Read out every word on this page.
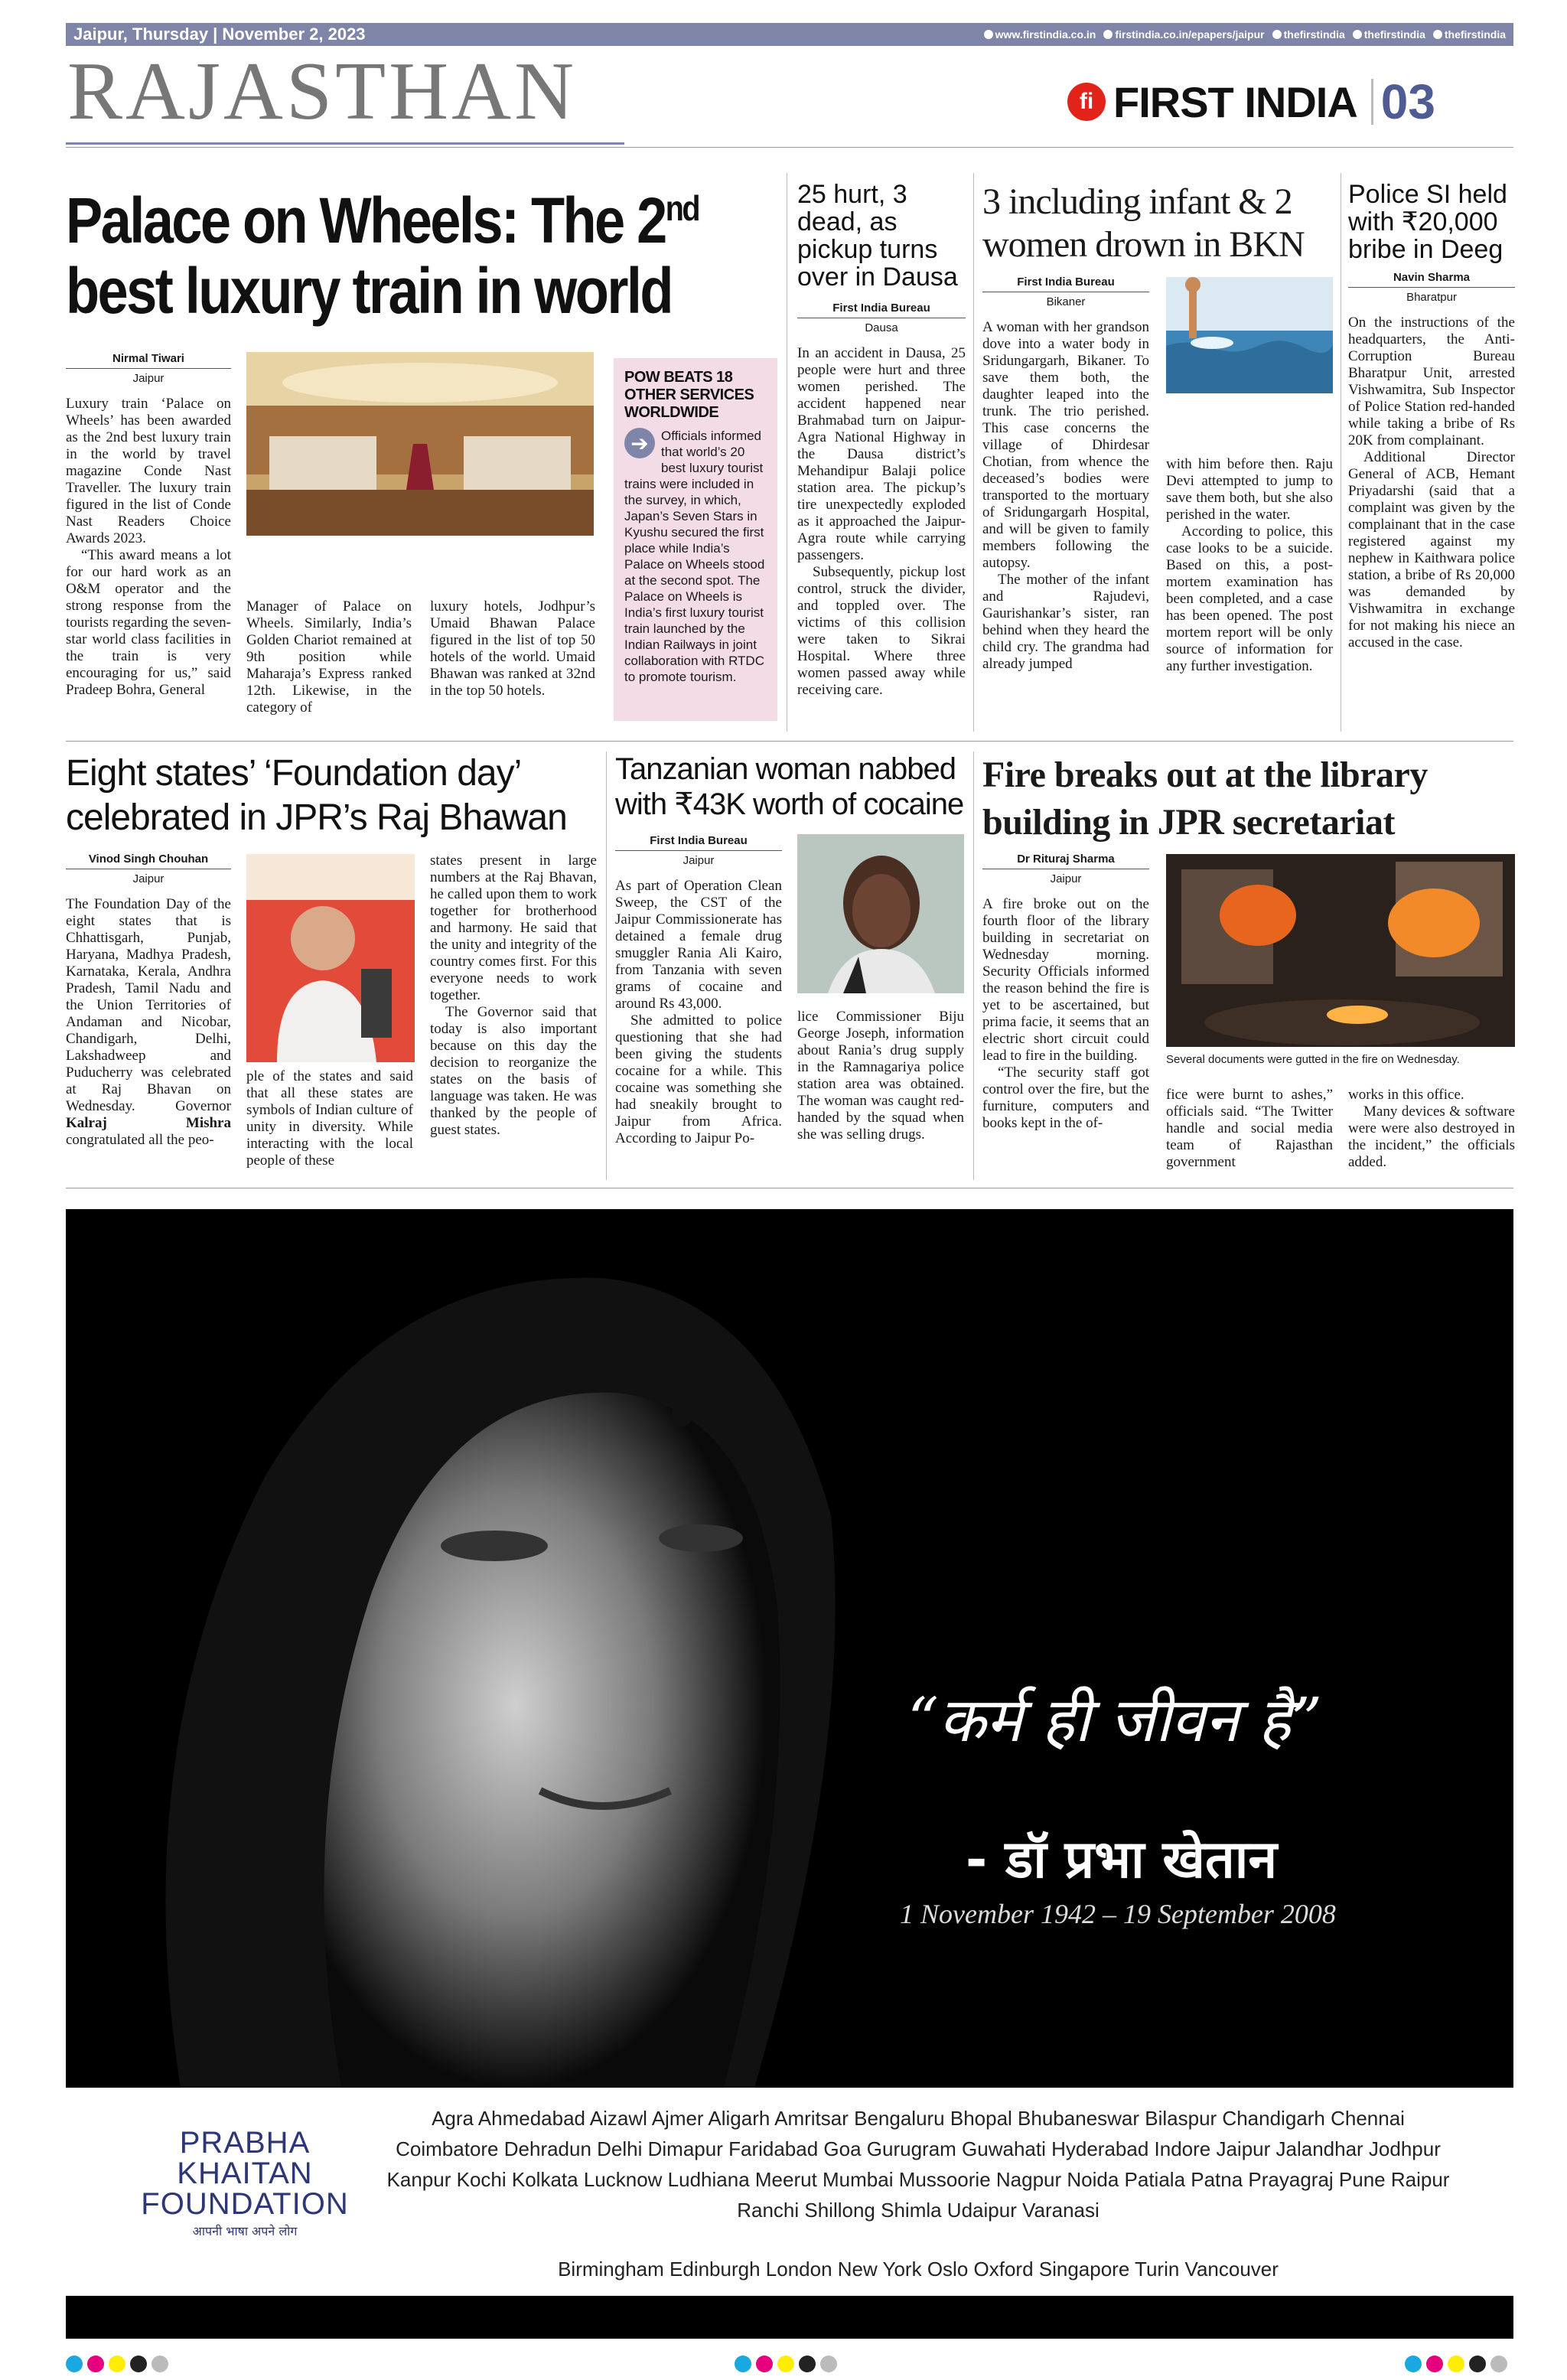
Jaipur, Thursday | November 2, 2023	www.firstindia.co.in firstindia.co.in/epapers/jaipur thefirstindia thefirstindia thefirstindia
RAJASTHAN	fi FIRST INDIA 03
Palace on Wheels: The 2nd
best luxury train in world
Nirmal Tiwari
Jaipur

Luxury train ‘Palace on Wheels’ has been awarded as the 2nd best luxury train in the world by travel magazine Conde Nast Traveller. The luxury train figured in the list of Conde Nast Readers Choice Awards 2023.

“This award means a lot for our hard work as an O&M operator and the strong response from the tourists regarding the seven-star world class facilities in the train is very encouraging for us,” said Pradeep Bohra, General

Manager of Palace on Wheels. Similarly, India’s Golden Chariot remained at 9th position while Maharaja’s Express ranked 12th. Likewise, in the category of

luxury hotels, Jodhpur’s Umaid Bhawan Palace figured in the list of top 50 hotels of the world. Umaid Bhawan was ranked at 32nd in the top 50 hotels.

POW BEATS 18 OTHER SERVICES WORLDWIDE
➔ Officials informed that world’s 20 best luxury tourist trains were included in the survey, in which, Japan’s Seven Stars in Kyushu secured the first place while India’s Palace on Wheels stood at the second spot. The Palace on Wheels is India’s first luxury tourist train launched by the Indian Railways in joint collaboration with RTDC to promote tourism.
25 hurt, 3 dead, as pickup turns over in Dausa
First India Bureau
Dausa

In an accident in Dausa, 25 people were hurt and three women perished. The accident happened near Brahmabad turn on Jaipur-Agra National Highway in the Dausa district’s Mehandipur Balaji police station area. The pickup’s tire unexpectedly exploded as it approached the Jaipur-Agra route while carrying passengers.

Subsequently, pickup lost control, struck the divider, and toppled over. The victims of this collision were taken to Sikrai Hospital. Where three women passed away while receiving care.

3 including infant & 2 women drown in BKN
First India Bureau
Bikaner

A woman with her grandson dove into a water body in Sridungargarh, Bikaner. To save them both, the daughter leaped into the trunk. The trio perished. This case concerns the village of Dhirdesar Chotian, from whence the deceased’s bodies were transported to the mortuary of Sridungargarh Hospital, and will be given to family members following the autopsy.

The mother of the infant and Rajudevi, Gaurishankar’s sister, ran behind when they heard the child cry. The grandma had already jumped

with him before then. Raju Devi attempted to jump to save them both, but she also perished in the water.

According to police, this case looks to be a suicide. Based on this, a post-mortem examination has been completed, and a case has been opened. The post mortem report will be only source of information for any further investigation.

Police SI held with ₹20,000 bribe in Deeg
Navin Sharma
Bharatpur

On the instructions of the headquarters, the Anti-Corruption Bureau Bharatpur Unit, arrested Vishwamitra, Sub Inspector of Police Station red-handed while taking a bribe of Rs 20K from complainant.

Additional Director General of ACB, Hemant Priyadarshi (said that a complaint was given by the complainant that in the case registered against my nephew in Kaithwara police station, a bribe of Rs 20,000 was demanded by Vishwamitra in exchange for not making his niece an accused in the case.

Eight states’ ‘Foundation day’ celebrated in JPR’s Raj Bhawan
Vinod Singh Chouhan
Jaipur

The Foundation Day of the eight states that is Chhattisgarh, Punjab, Haryana, Madhya Pradesh, Karnataka, Kerala, Andhra Pradesh, Tamil Nadu and the Union Territories of Andaman and Nicobar, Chandigarh, Delhi, Lakshadweep and Puducherry was celebrated at Raj Bhavan on Wednesday. Governor Kalraj Mishra congratulated all the peo-

ple of the states and said that all these states are symbols of Indian culture of unity in diversity. While interacting with the local people of these

states present in large numbers at the Raj Bhavan, he called upon them to work together for brotherhood and harmony. He said that the unity and integrity of the country comes first. For this everyone needs to work together.

The Governor said that today is also important because on this day the decision to reorganize the states on the basis of language was taken. He was thanked by the people of guest states.

Tanzanian woman nabbed with ₹43K worth of cocaine
First India Bureau
Jaipur

As part of Operation Clean Sweep, the CST of the Jaipur Commissionerate has detained a female drug smuggler Rania Ali Kairo, from Tanzania with seven grams of cocaine and around Rs 43,000.

She admitted to police questioning that she had been giving the students cocaine for a while. This cocaine was something she had sneakily brought to Jaipur from Africa. According to Jaipur Po-

lice Commissioner Biju George Joseph, information about Rania’s drug supply in the Ramnagariya police station area was obtained. The woman was caught red-handed by the squad when she was selling drugs.

Fire breaks out at the library building in JPR secretariat
Dr Rituraj Sharma
Jaipur

A fire broke out on the fourth floor of the library building in secretariat on Wednesday morning. Security Officials informed the reason behind the fire is yet to be ascertained, but prima facie, it seems that an electric short circuit could lead to fire in the building.

“The security staff got control over the fire, but the furniture, computers and books kept in the of-

Several documents were gutted in the fire on Wednesday.

fice were burnt to ashes,” officials said. “The Twitter handle and social media team of Rajasthan government

works in this office.

Many devices & software were were also destroyed in the incident,” the officials added.

“कर्म ही जीवन है”
- डॉ प्रभा खेतान
1 November 1942 – 19 September 2008
PRABHA
KHAITAN
FOUNDATION
आपनी भाषा अपने लोग
Agra Ahmedabad Aizawl Ajmer Aligarh Amritsar Bengaluru Bhopal Bhubaneswar Bilaspur Chandigarh Chennai Coimbatore Dehradun Delhi Dimapur Faridabad Goa Gurugram Guwahati Hyderabad Indore Jaipur Jalandhar Jodhpur Kanpur Kochi Kolkata Lucknow Ludhiana Meerut Mumbai Mussoorie Nagpur Noida Patiala Patna Prayagraj Pune Raipur Ranchi Shillong Shimla Udaipur Varanasi
Birmingham Edinburgh London New York Oslo Oxford Singapore Turin Vancouver
